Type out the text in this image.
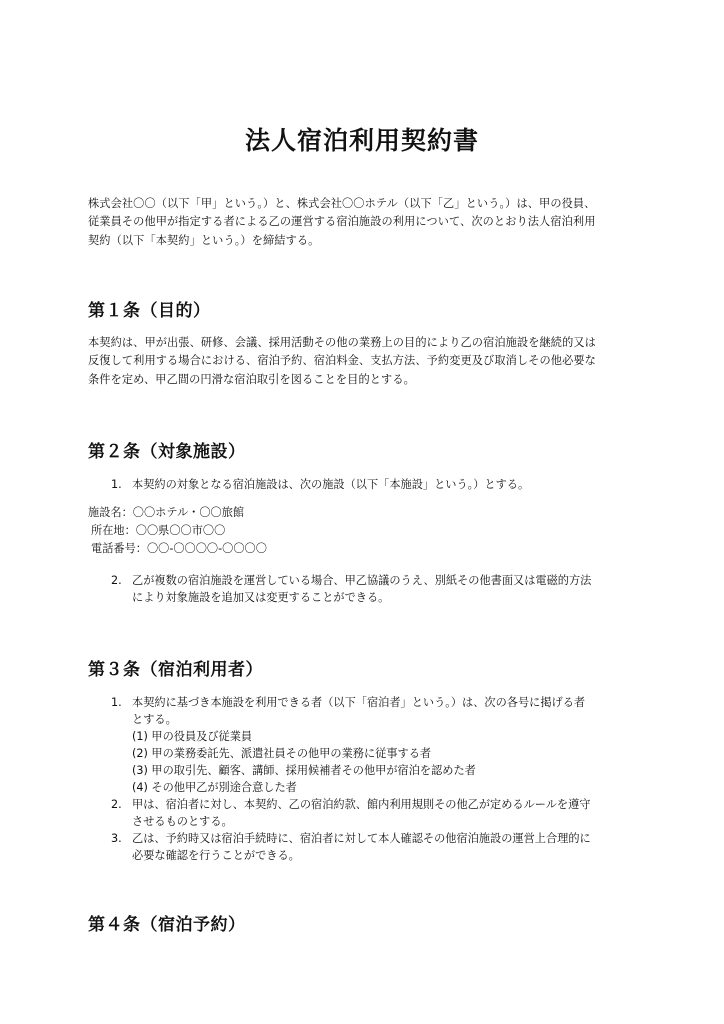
法人宿泊利用契約書
株式会社〇〇（以下「甲」という。）と、株式会社〇〇ホテル（以下「乙」という。）は、甲の役員、
従業員その他甲が指定する者による乙の運営する宿泊施設の利用について、次のとおり法人宿泊利用
契約（以下「本契約」という。）を締結する。
第１条（目的）
本契約は、甲が出張、研修、会議、採用活動その他の業務上の目的により乙の宿泊施設を継続的又は
反復して利用する場合における、宿泊予約、宿泊料金、支払方法、予約変更及び取消しその他必要な
条件を定め、甲乙間の円滑な宿泊取引を図ることを目的とする。
第２条（対象施設）
1. 本契約の対象となる宿泊施設は、次の施設（以下「本施設」という。）とする。
施設名：〇〇ホテル・〇〇旅館
所在地：〇〇県〇〇市〇〇
電話番号：〇〇-〇〇〇〇-〇〇〇〇
2. 乙が複数の宿泊施設を運営している場合、甲乙協議のうえ、別紙その他書面又は電磁的方法
により対象施設を追加又は変更することができる。
第３条（宿泊利用者）
1. 本契約に基づき本施設を利用できる者（以下「宿泊者」という。）は、次の各号に掲げる者
とする。
(1) 甲の役員及び従業員
(2) 甲の業務委託先、派遣社員その他甲の業務に従事する者
(3) 甲の取引先、顧客、講師、採用候補者その他甲が宿泊を認めた者
(4) その他甲乙が別途合意した者
2. 甲は、宿泊者に対し、本契約、乙の宿泊約款、館内利用規則その他乙が定めるルールを遵守
させるものとする。
3. 乙は、予約時又は宿泊手続時に、宿泊者に対して本人確認その他宿泊施設の運営上合理的に
必要な確認を行うことができる。
第４条（宿泊予約）
